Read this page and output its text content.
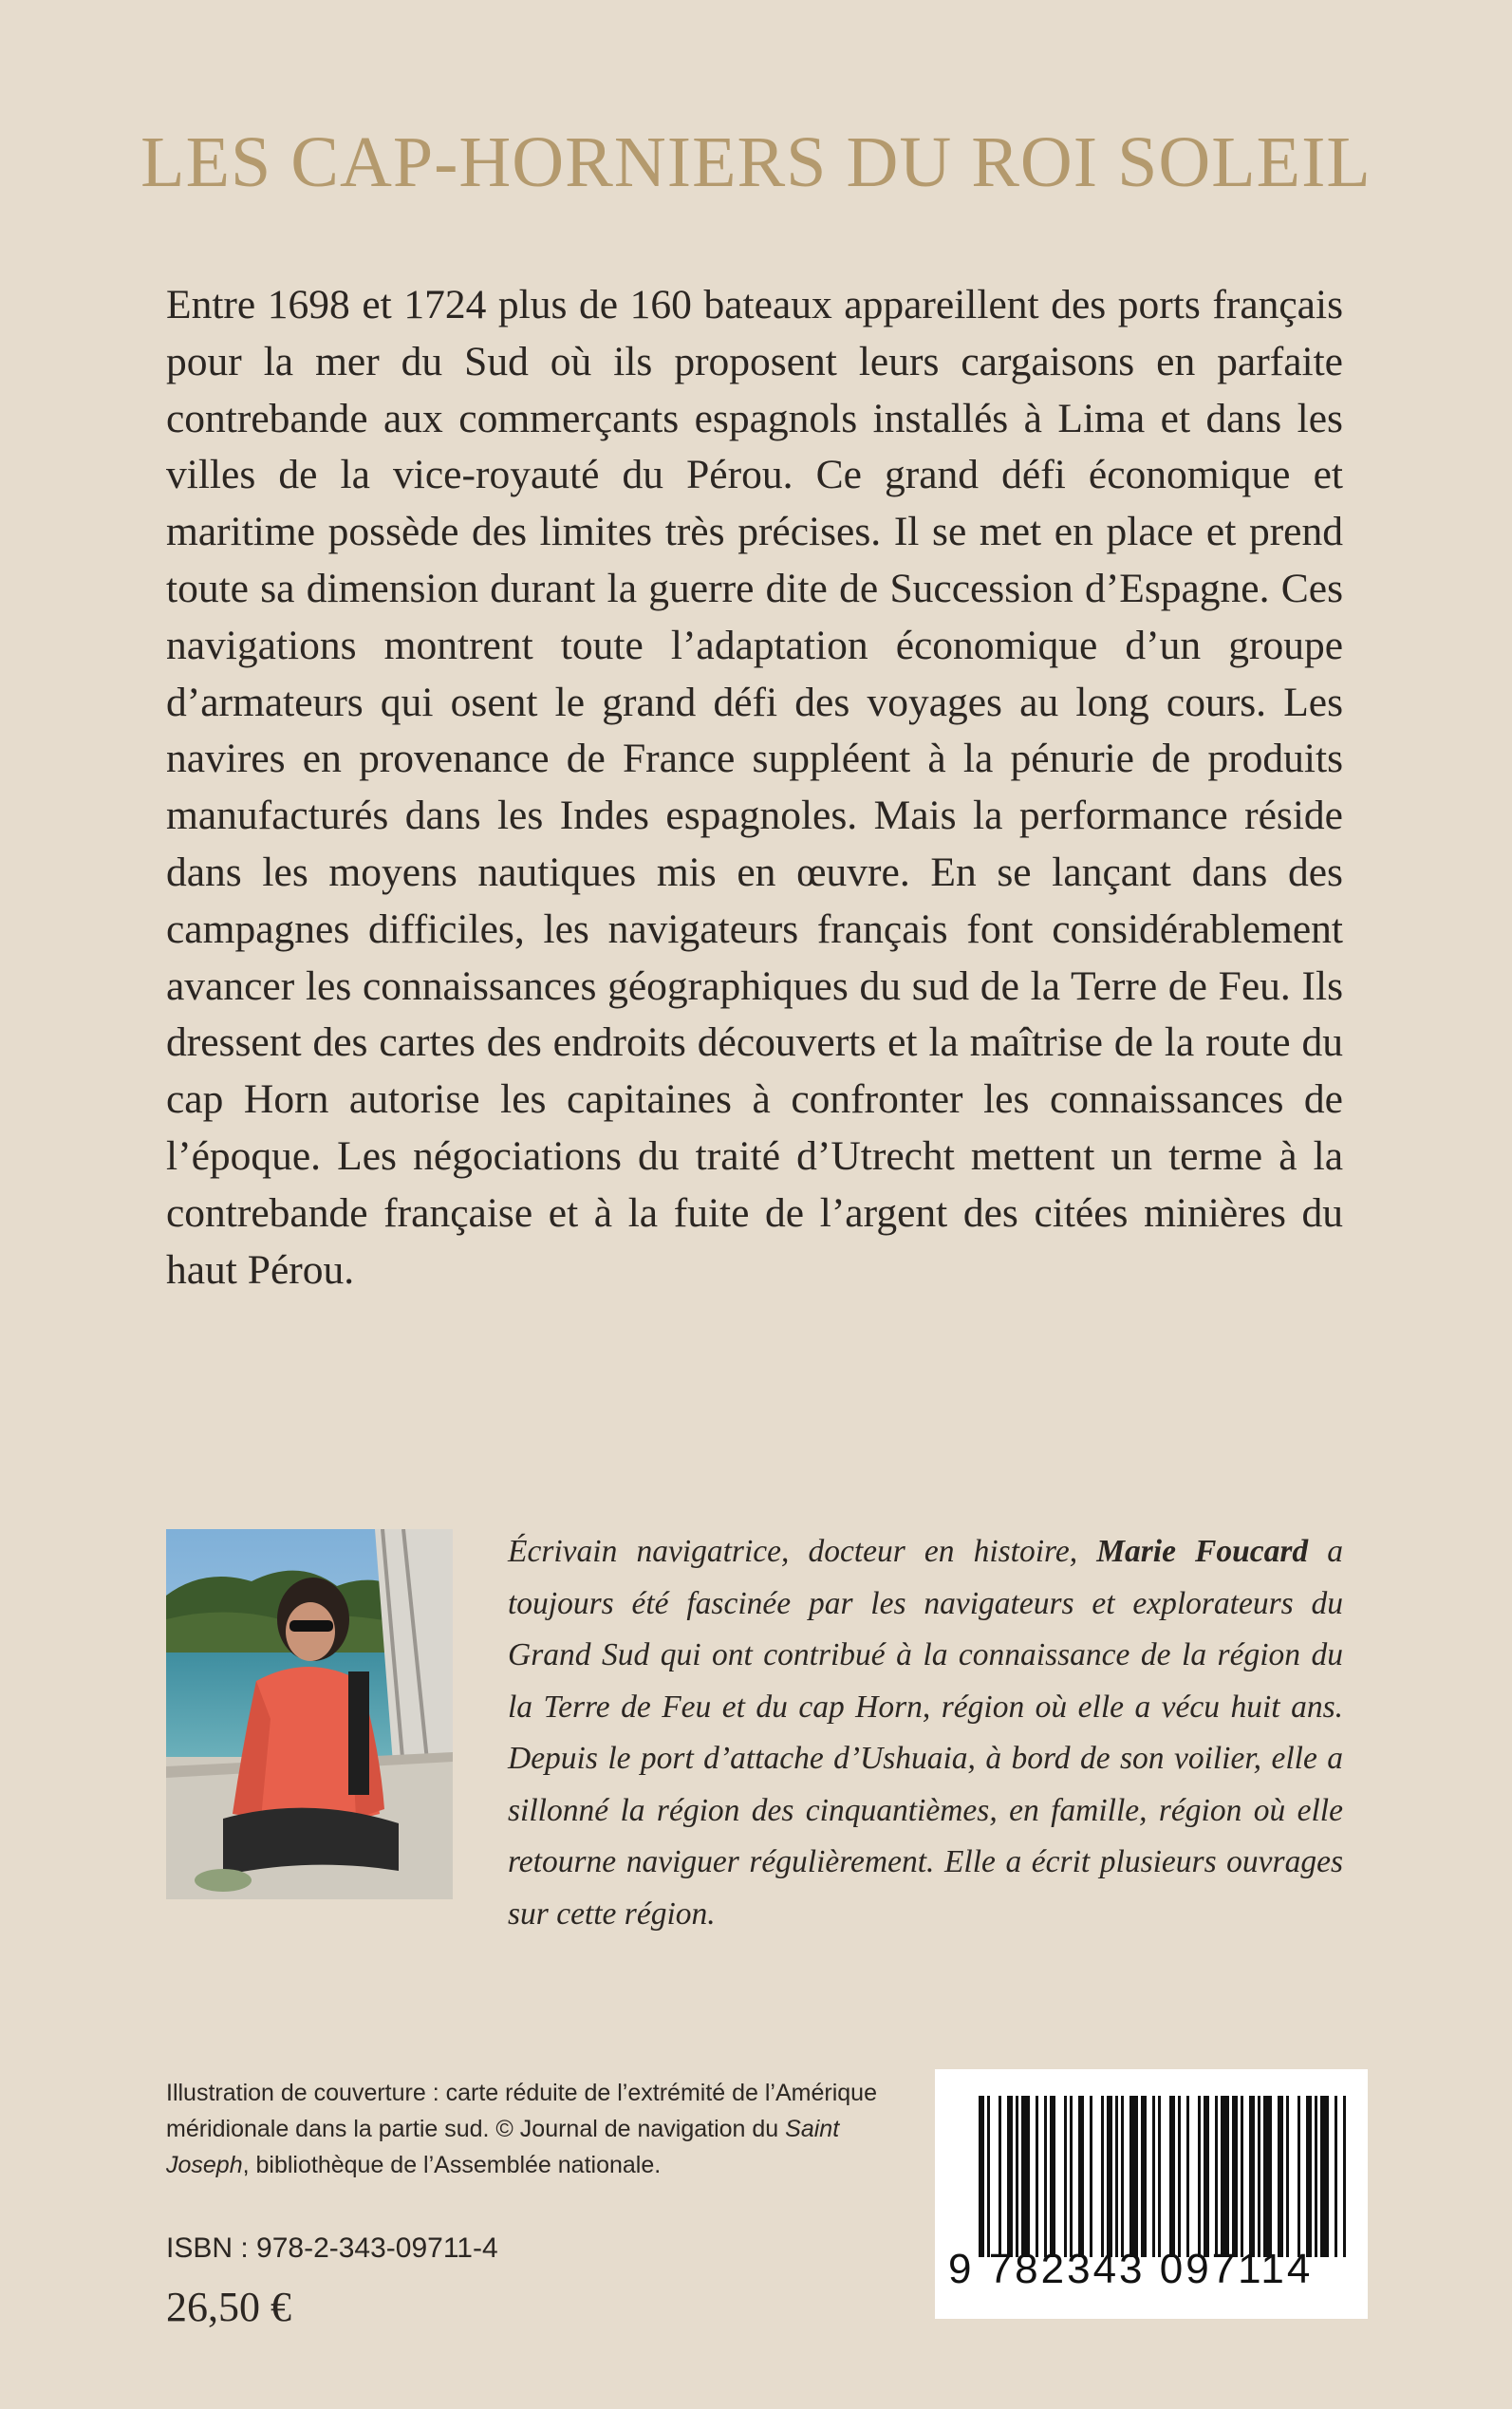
LES CAP-HORNIERS DU ROI SOLEIL

Entre 1698 et 1724 plus de 160 bateaux appareillent des ports français pour la mer du Sud où ils proposent leurs cargaisons en parfaite contrebande aux commerçants espagnols installés à Lima et dans les villes de la vice-royauté du Pérou. Ce grand défi économique et maritime possède des limites très précises. Il se met en place et prend toute sa dimension durant la guerre dite de Succession d’Espagne. Ces navigations montrent toute l’adaptation économique d’un groupe d’armateurs qui osent le grand défi des voyages au long cours. Les navires en provenance de France suppléent à la pénurie de produits manufacturés dans les Indes espagnoles. Mais la performance réside dans les moyens nautiques mis en œuvre. En se lançant dans des campagnes difficiles, les navigateurs français font considérablement avancer les connaissances géographiques du sud de la Terre de Feu. Ils dressent des cartes des endroits découverts et la maîtrise de la route du cap Horn autorise les capitaines à confronter les connaissances de l’époque. Les négociations du traité d’Utrecht mettent un terme à la contrebande française et à la fuite de l’argent des citées minières du haut Pérou.

Écrivain navigatrice, docteur en histoire, Marie Foucard a toujours été fascinée par les navigateurs et explorateurs du Grand Sud qui ont contribué à la connaissance de la région du la Terre de Feu et du cap Horn, région où elle a vécu huit ans. Depuis le port d’attache d’Ushuaia, à bord de son voilier, elle a sillonné la région des cinquantièmes, en famille, région où elle retourne naviguer régulièrement. Elle a écrit plusieurs ouvrages sur cette région.

Illustration de couverture : carte réduite de l’extrémité de l’Amérique méridionale dans la partie sud. © Journal de navigation du Saint Joseph, bibliothèque de l’Assemblée nationale.

ISBN : 978-2-343-09711-4
26,50 €
9 782343 097114
